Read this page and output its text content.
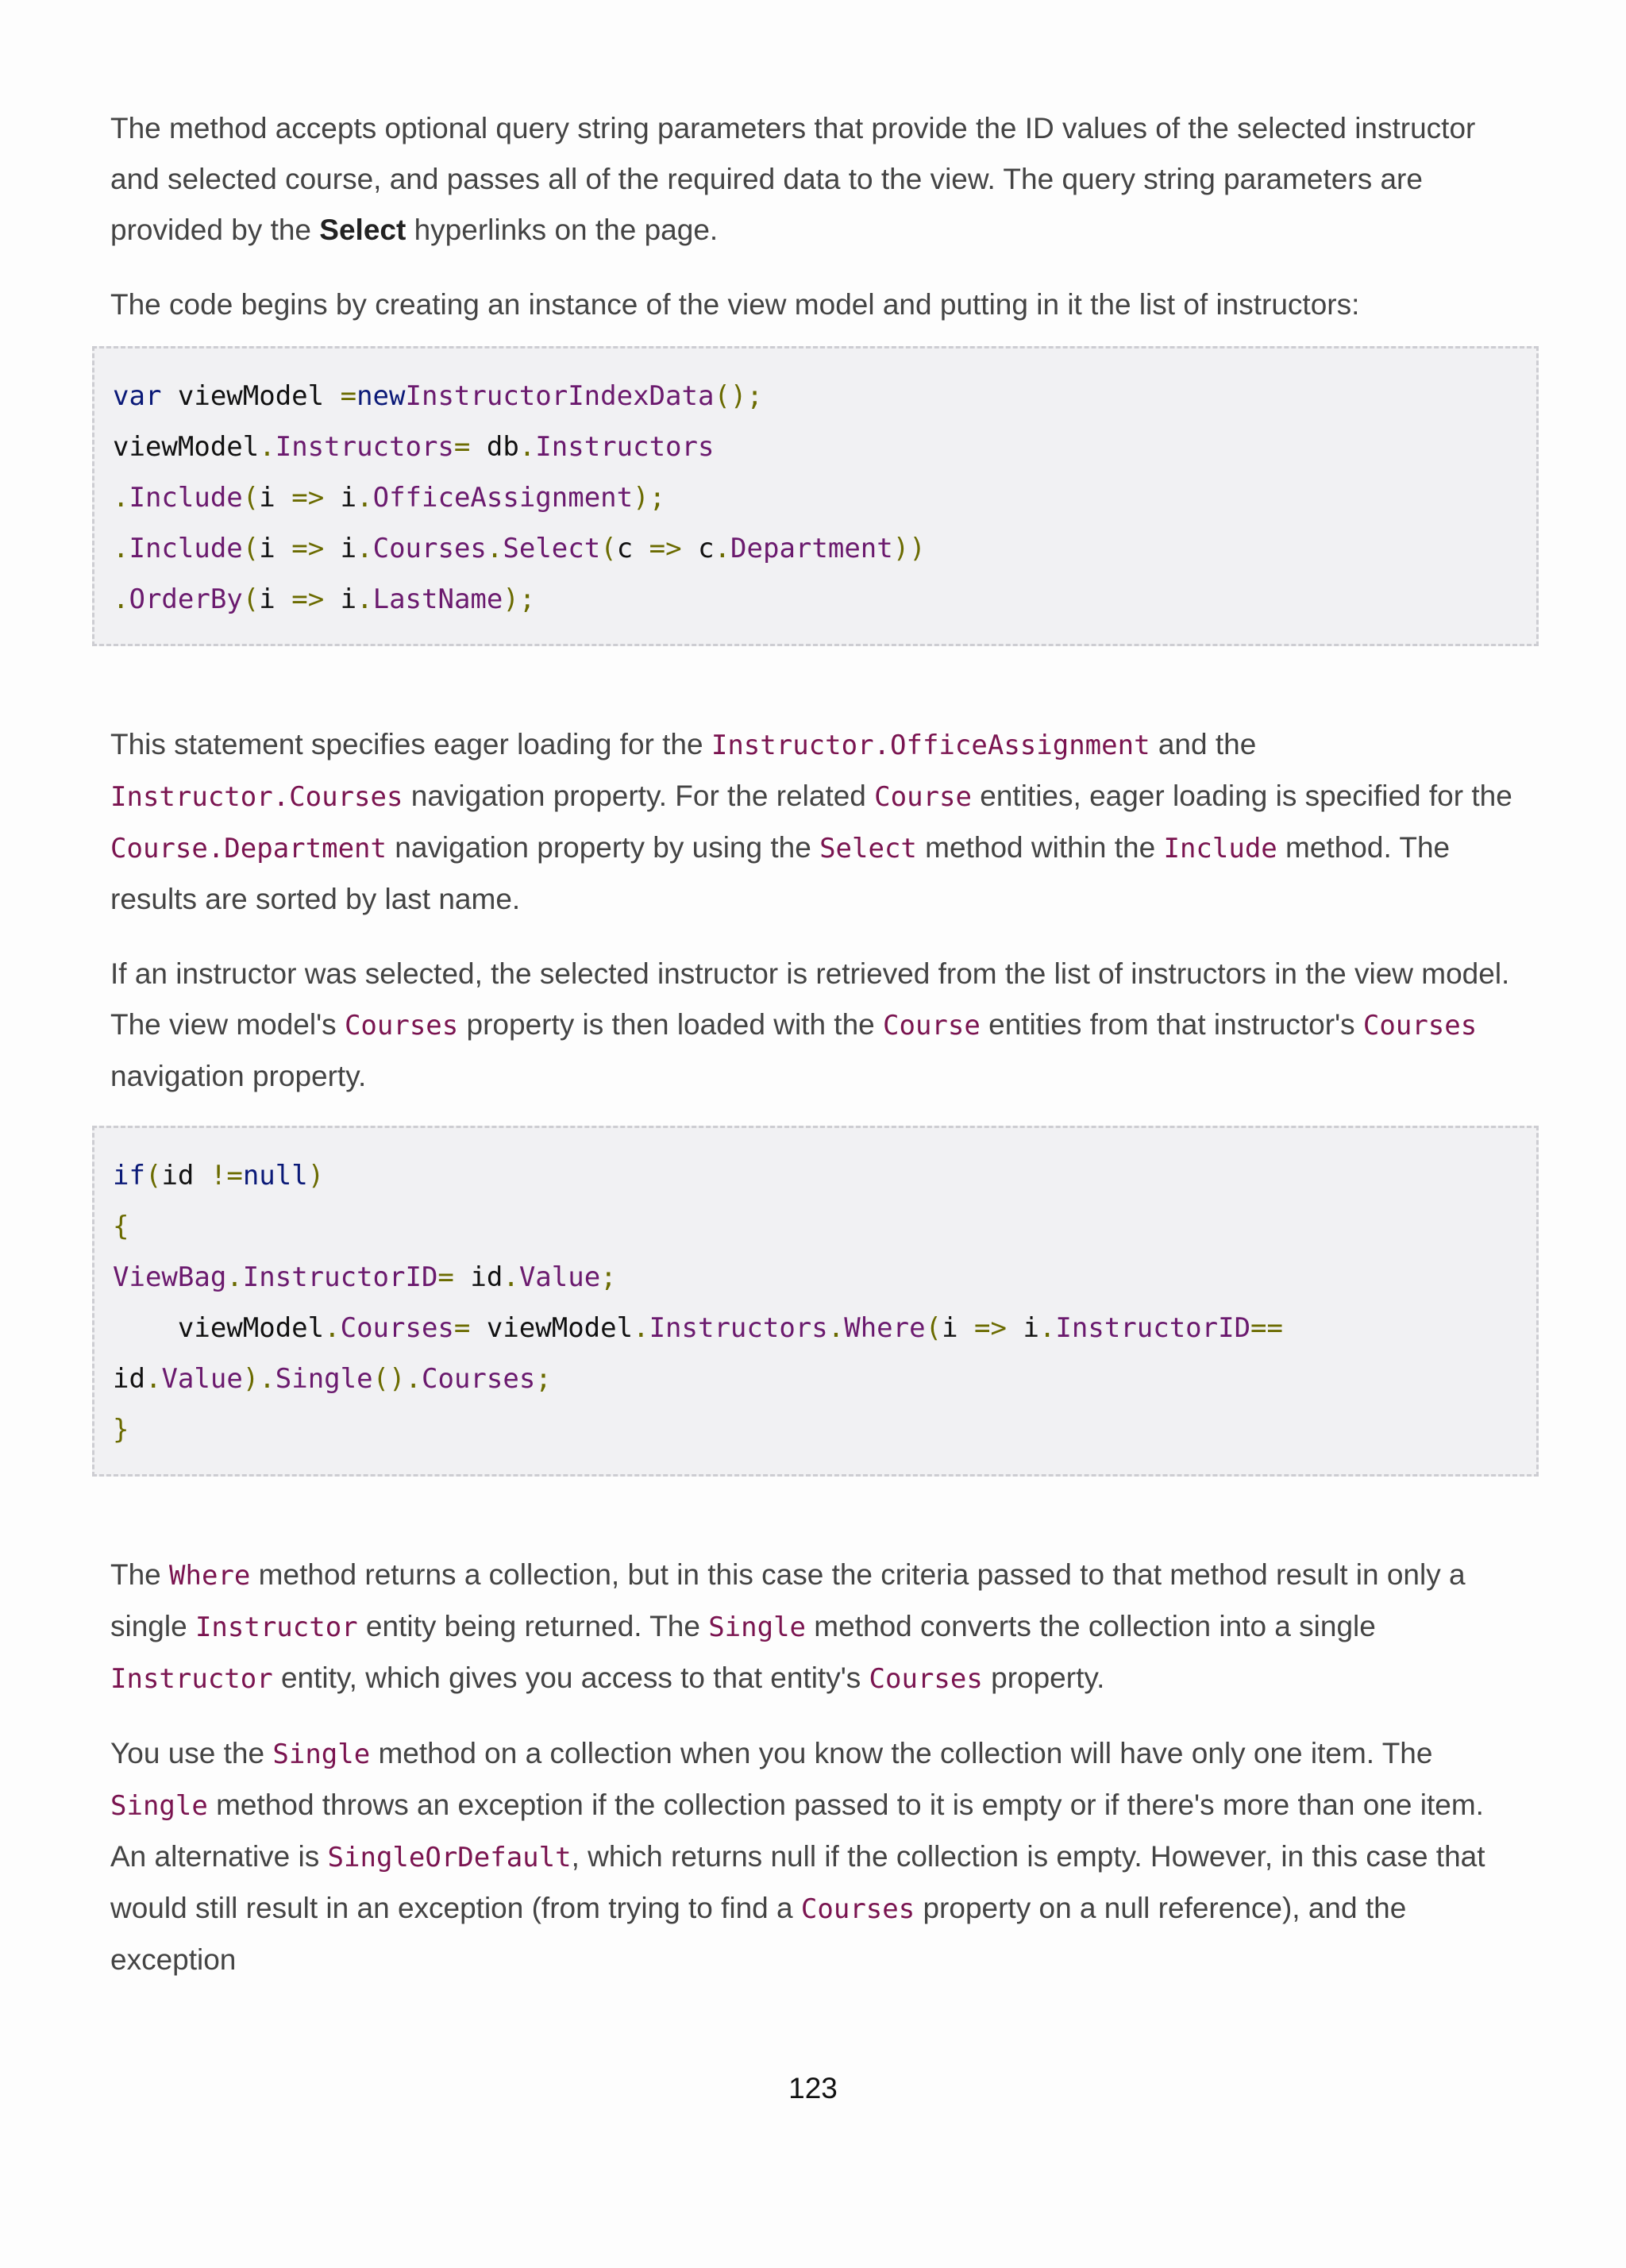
The method accepts optional query string parameters that provide the ID values of the selected instructor and selected course, and passes all of the required data to the view. The query string parameters are provided by the Select hyperlinks on the page.

The code begins by creating an instance of the view model and putting in it the list of instructors:

var viewModel =newInstructorIndexData();
viewModel.Instructors= db.Instructors
.Include(i => i.OfficeAssignment);
.Include(i => i.Courses.Select(c => c.Department))
.OrderBy(i => i.LastName);

This statement specifies eager loading for the Instructor.OfficeAssignment and the Instructor.Courses navigation property. For the related Course entities, eager loading is specified for the Course.Department navigation property by using the Select method within the Include method. The results are sorted by last name.

If an instructor was selected, the selected instructor is retrieved from the list of instructors in the view model. The view model's Courses property is then loaded with the Course entities from that instructor's Courses navigation property.

if(id !=null)
{
ViewBag.InstructorID= id.Value;
viewModel.Courses= viewModel.Instructors.Where(i => i.InstructorID==
id.Value).Single().Courses;
}

The Where method returns a collection, but in this case the criteria passed to that method result in only a single Instructor entity being returned. The Single method converts the collection into a single Instructor entity, which gives you access to that entity's Courses property.

You use the Single method on a collection when you know the collection will have only one item. The Single method throws an exception if the collection passed to it is empty or if there's more than one item. An alternative is SingleOrDefault, which returns null if the collection is empty. However, in this case that would still result in an exception (from trying to find a Courses property on a null reference), and the exception

123
